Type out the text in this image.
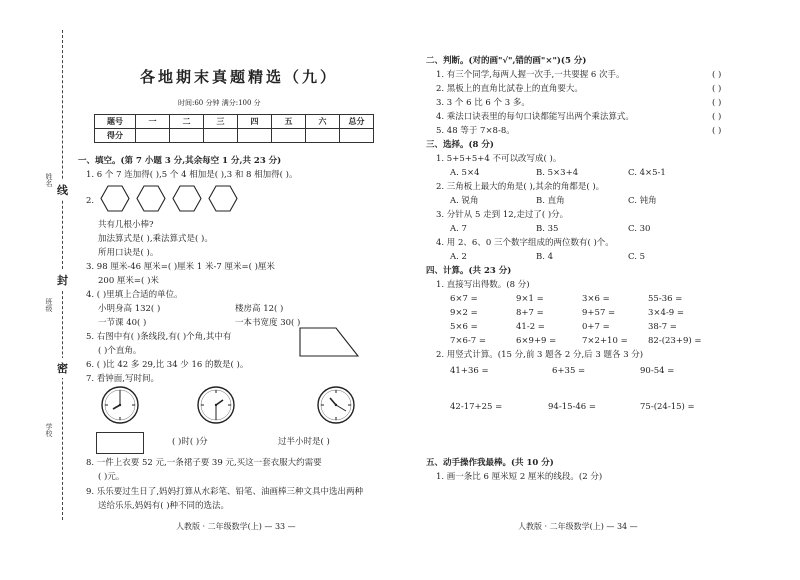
姓名
班级
学校
线
封
密
各地期末真题精选（九）
时间:60 分钟 满分:100 分
题号	一	二	三	四	五	六	总分
得分							
一、填空。(第 7 小题 3 分,其余每空 1 分,共 23 分)
1. 6 个 7 连加得( ),5 个 4 相加是( ),3 和 8 相加得( )。
2.
共有几根小棒?
加法算式是( ),乘法算式是( )。
所用口诀是( )。
3. 98 厘米-46 厘米=( )厘米 1 米-7 厘米=( )厘米
200 厘米=( )米
4. ( )里填上合适的单位。
小明身高 132( )	楼房高 12( )
一节课 40( )	一本书宽度 30( )
5. 右图中有( )条线段,有( )个角,其中有
( )个直角。
6. ( )比 42 多 29,比 34 少 16 的数是( )。
7. 看钟面,写时间。
( )时( )分	过半小时是( )
8. 一件上衣要 52 元,一条裙子要 39 元,买这一套衣服大约需要
( )元。
9. 乐乐要过生日了,妈妈打算从水彩笔、铅笔、油画棒三种文具中选出两种
送给乐乐,妈妈有( )种不同的选法。
人教版 · 二年级数学(上) — 33 —
二、判断。(对的画"√",错的画"×")(5 分)
1. 有三个同学,每两人握一次手,一共要握 6 次手。	( )
2. 黑板上的直角比試卷上的直角要大。	( )
3. 3 个 6 比 6 个 3 多。	( )
4. 乘法口诀表里的每句口诀都能写出两个乘法算式。	( )
5. 48 等于 7×8-8。	( )
三、选择。(8 分)
1. 5+5+5+4 不可以改写成( )。
A. 5×4	B. 5×3+4	C. 4×5-1
2. 三角板上最大的角是( ),其余的角都是( )。
A. 锐角	B. 直角	C. 钝角
3. 分针从 5 走到 12,走过了( )分。
A. 7	B. 35	C. 30
4. 用 2、6、0 三个数字组成的两位数有( )个。
A. 2	B. 4	C. 5
四、计算。(共 23 分)
1. 直接写出得数。(8 分)
6×7 =	9×1 =	3×6 =	55-36 =
9×2 =	8+7 =	9+57 =	3×4-9 =
5×6 =	41-2 =	0+7 =	38-7 =
7×6-7 =	6×9+9 =	7×2+10 = 82-(23+9) =
2. 用竖式计算。(15 分,前 3 题各 2 分,后 3 题各 3 分)
41+36 =	6+35 =	90-54 =
42-17+25 =	94-15-46 =	75-(24-15) =
五、动手操作我最棒。(共 10 分)
1. 画一条比 6 厘米短 2 厘米的线段。(2 分)
人教版 · 二年级数学(上) — 34 —
